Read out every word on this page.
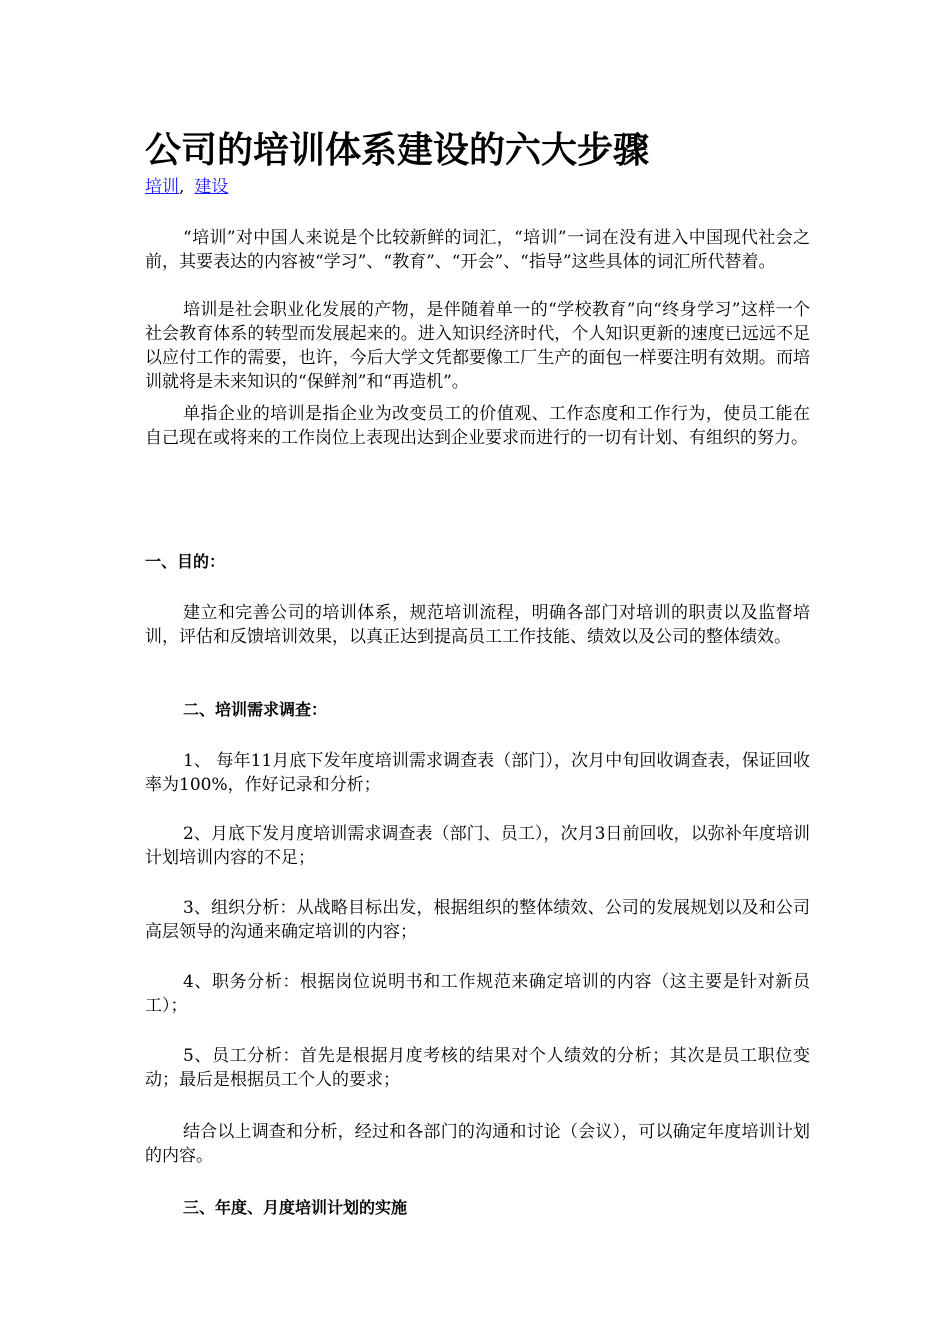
公司的培训体系建设的六大步骤
培训, 建设

“培训”对中国人来说是个比较新鲜的词汇，“培训”一词在没有进入中国现代社会之前，其要表达的内容被“学习”、“教育”、“开会”、“指导”这些具体的词汇所代替着。

培训是社会职业化发展的产物，是伴随着单一的“学校教育”向“终身学习”这样一个社会教育体系的转型而发展起来的。进入知识经济时代，个人知识更新的速度已远远不足以应付工作的需要，也许，今后大学文凭都要像工厂生产的面包一样要注明有效期。而培训就将是未来知识的“保鲜剂”和“再造机”。

单指企业的培训是指企业为改变员工的价值观、工作态度和工作行为，使员工能在自己现在或将来的工作岗位上表现出达到企业要求而进行的一切有计划、有组织的努力。

一、目的：

建立和完善公司的培训体系，规范培训流程，明确各部门对培训的职责以及监督培训，评估和反馈培训效果，以真正达到提高员工工作技能、绩效以及公司的整体绩效。

二、培训需求调查：

1、 每年11月底下发年度培训需求调查表（部门），次月中旬回收调查表，保证回收率为100%，作好记录和分析；

2、月底下发月度培训需求调查表（部门、员工），次月3日前回收，以弥补年度培训计划培训内容的不足；

3、组织分析：从战略目标出发，根据组织的整体绩效、公司的发展规划以及和公司高层领导的沟通来确定培训的内容；

4、职务分析：根据岗位说明书和工作规范来确定培训的内容（这主要是针对新员工）；

5、员工分析：首先是根据月度考核的结果对个人绩效的分析；其次是员工职位变动；最后是根据员工个人的要求；

结合以上调查和分析，经过和各部门的沟通和讨论（会议），可以确定年度培训计划的内容。

三、年度、月度培训计划的实施
